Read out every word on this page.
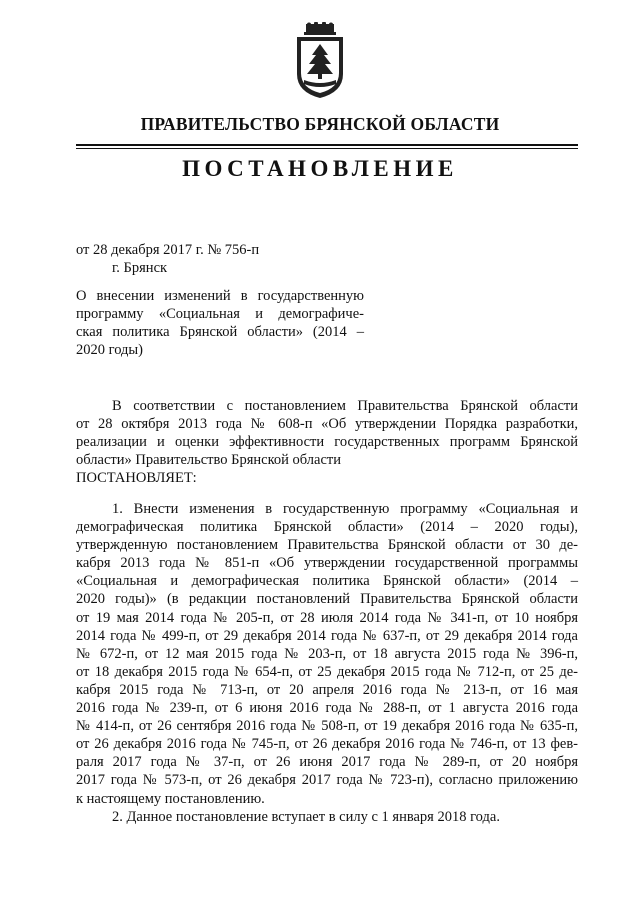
ПРАВИТЕЛЬСТВО БРЯНСКОЙ ОБЛАСТИ
ПОСТАНОВЛЕНИЕ
от 28 декабря 2017 г. № 756-п
г. Брянск
О внесении изменений в государственную
программу «Социальная и демографиче-
ская политика Брянской области» (2014 –
2020 годы)
В соответствии с постановлением Правительства Брянской области
от 28 октября 2013 года № 608-п «Об утверждении Порядка разработки,
реализации и оценки эффективности государственных программ Брянской
области» Правительство Брянской области
ПОСТАНОВЛЯЕТ:
1. Внести изменения в государственную программу «Социальная и
демографическая политика Брянской области» (2014 – 2020 годы),
утвержденную постановлением Правительства Брянской области от 30 де-
кабря 2013 года № 851-п «Об утверждении государственной программы
«Социальная и демографическая политика Брянской области» (2014 –
2020 годы)» (в редакции постановлений Правительства Брянской области
от 19 мая 2014 года № 205-п, от 28 июля 2014 года № 341-п, от 10 ноября
2014 года № 499-п, от 29 декабря 2014 года № 637-п, от 29 декабря 2014 года
№ 672-п, от 12 мая 2015 года № 203-п, от 18 августа 2015 года № 396-п,
от 18 декабря 2015 года № 654-п, от 25 декабря 2015 года № 712-п, от 25 де-
кабря 2015 года № 713-п, от 20 апреля 2016 года № 213-п, от 16 мая
2016 года № 239-п, от 6 июня 2016 года № 288-п, от 1 августа 2016 года
№ 414-п, от 26 сентября 2016 года № 508-п, от 19 декабря 2016 года № 635-п,
от 26 декабря 2016 года № 745-п, от 26 декабря 2016 года № 746-п, от 13 фев-
раля 2017 года № 37-п, от 26 июня 2017 года № 289-п, от 20 ноября
2017 года № 573-п, от 26 декабря 2017 года № 723-п), согласно приложению
к настоящему постановлению.
2. Данное постановление вступает в силу с 1 января 2018 года.
